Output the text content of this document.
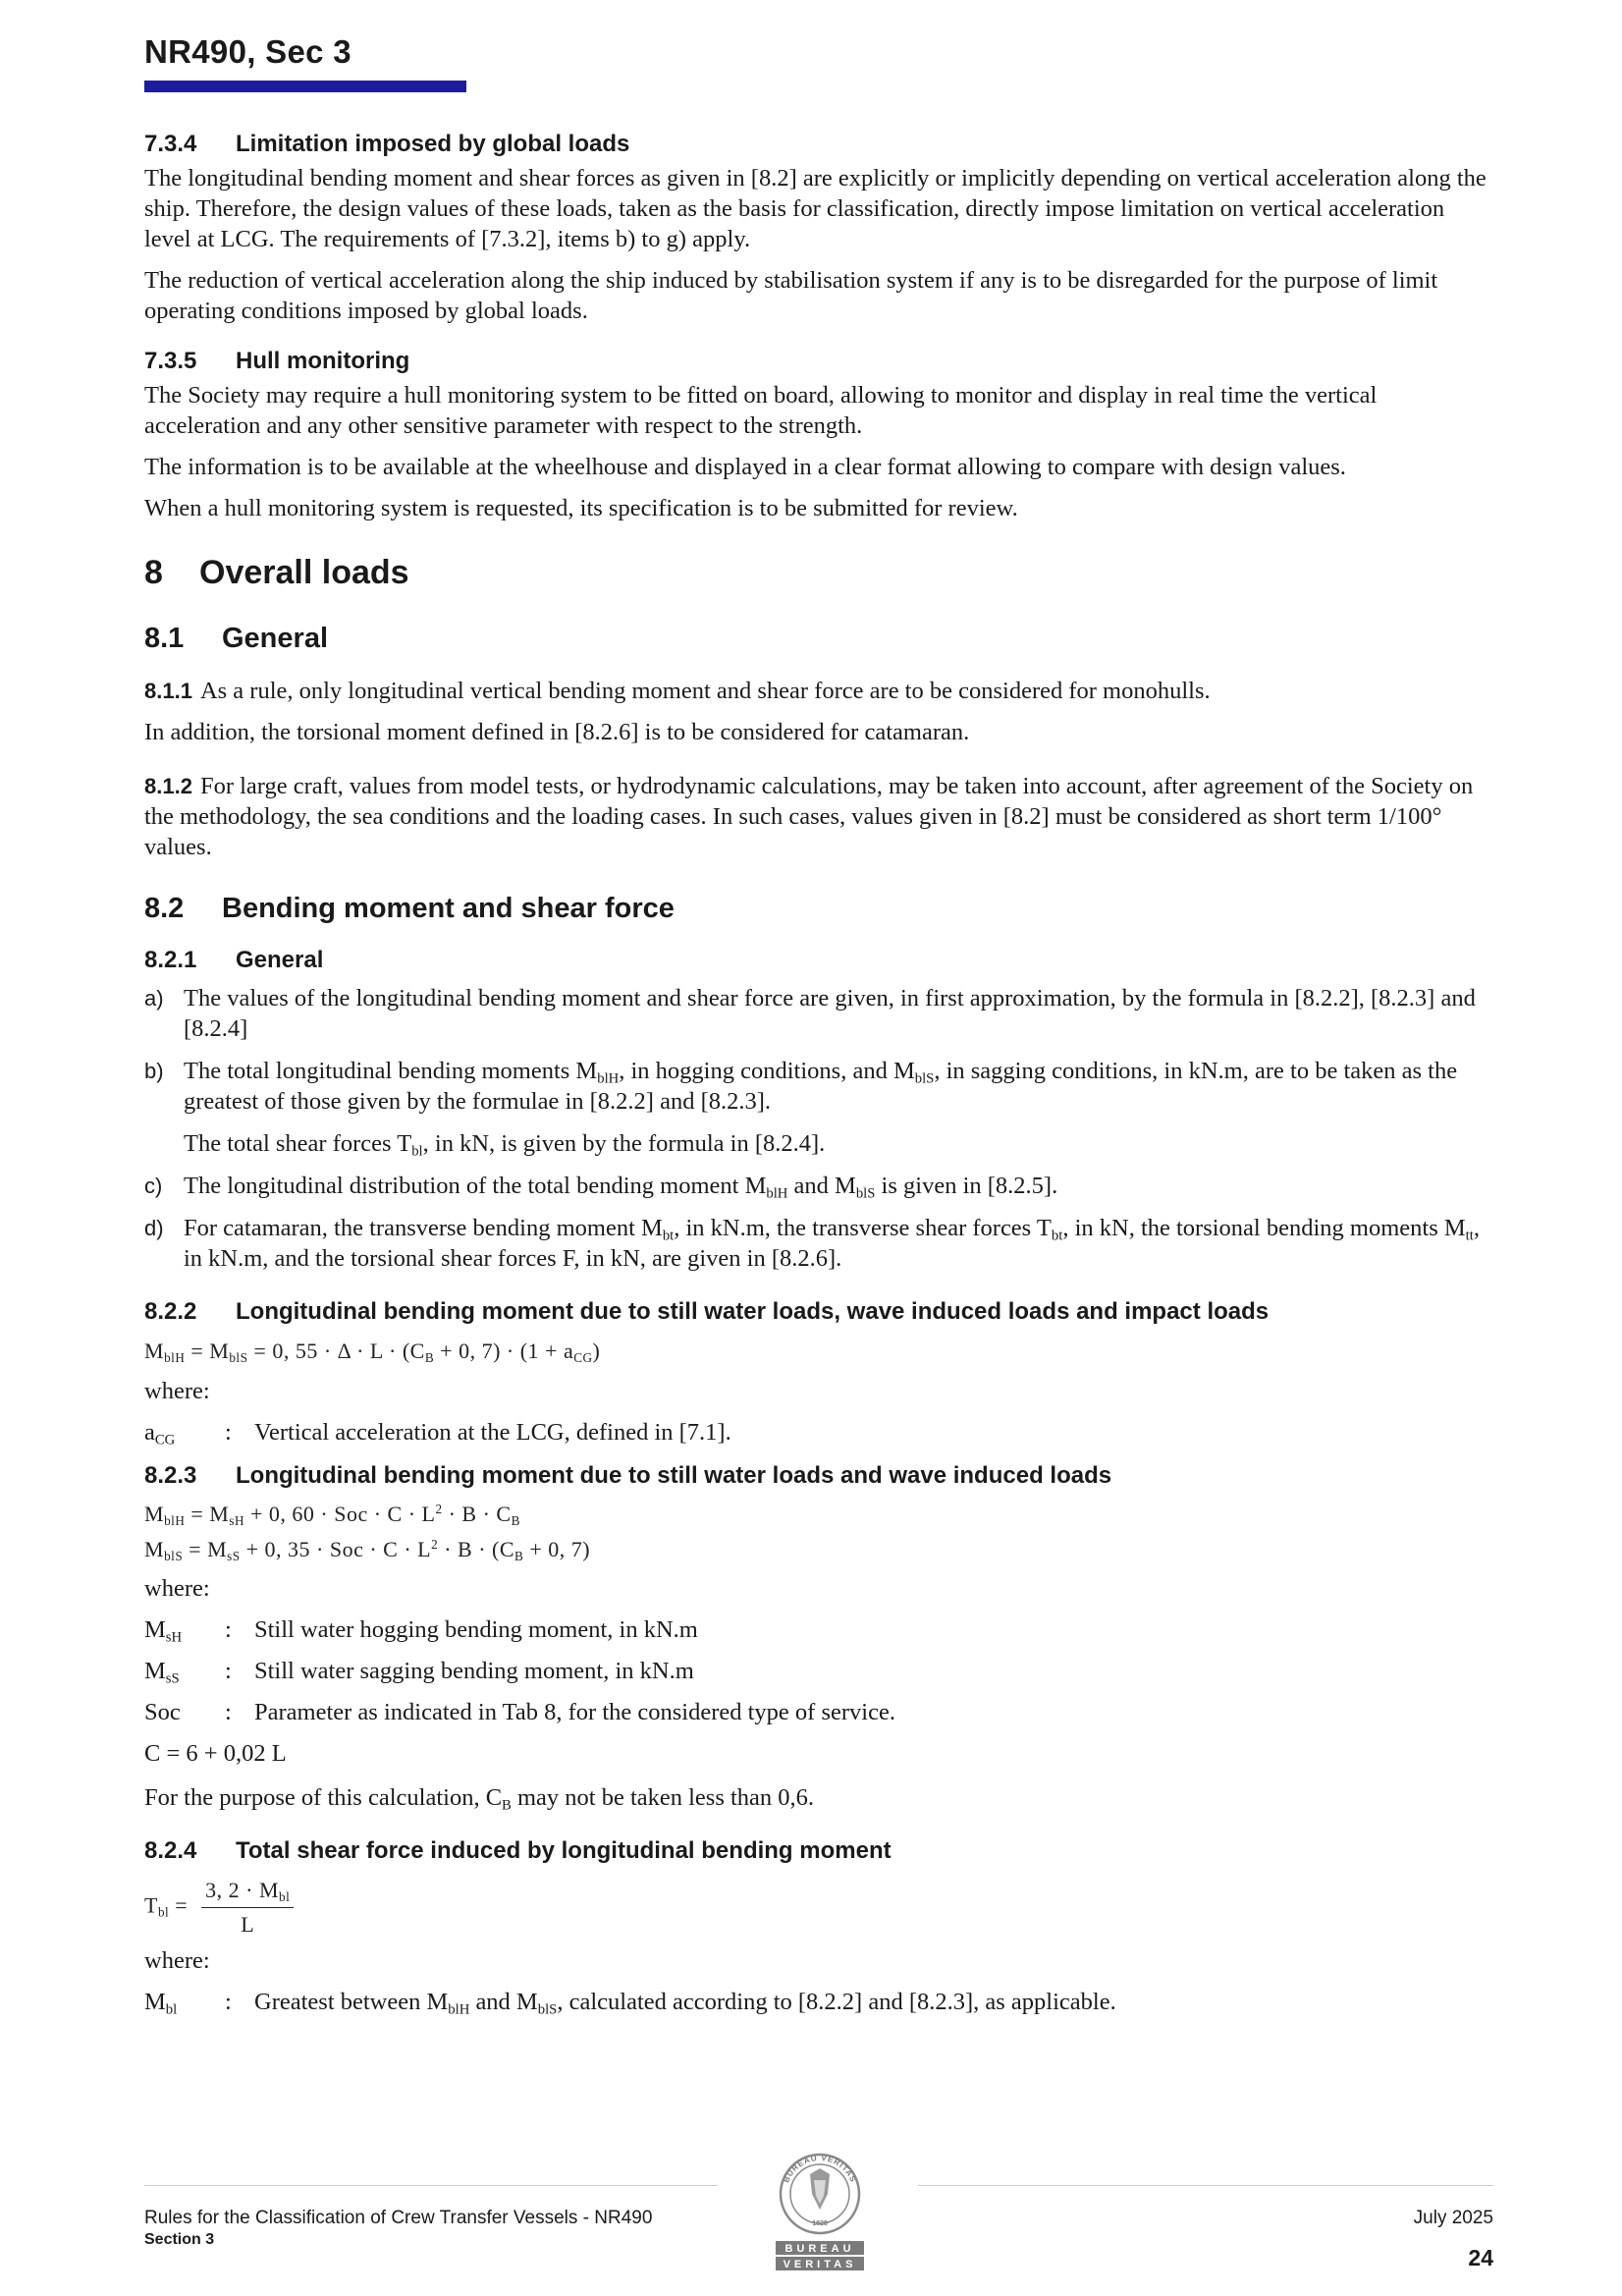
NR490, Sec 3
7.3.4 Limitation imposed by global loads

The longitudinal bending moment and shear forces as given in [8.2] are explicitly or implicitly depending on vertical acceleration along the ship. Therefore, the design values of these loads, taken as the basis for classification, directly impose limitation on vertical acceleration level at LCG. The requirements of [7.3.2], items b) to g) apply.

The reduction of vertical acceleration along the ship induced by stabilisation system if any is to be disregarded for the purpose of limit operating conditions imposed by global loads.

7.3.5 Hull monitoring

The Society may require a hull monitoring system to be fitted on board, allowing to monitor and display in real time the vertical acceleration and any other sensitive parameter with respect to the strength.

The information is to be available at the wheelhouse and displayed in a clear format allowing to compare with design values.

When a hull monitoring system is requested, its specification is to be submitted for review.

8 Overall loads
8.1 General

8.1.1 As a rule, only longitudinal vertical bending moment and shear force are to be considered for monohulls.

In addition, the torsional moment defined in [8.2.6] is to be considered for catamaran.

8.1.2 For large craft, values from model tests, or hydrodynamic calculations, may be taken into account, after agreement of the Society on the methodology, the sea conditions and the loading cases. In such cases, values given in [8.2] must be considered as short term 1/100° values.

8.2 Bending moment and shear force
8.2.1 General
a) The values of the longitudinal bending moment and shear force are given, in first approximation, by the formula in [8.2.2], [8.2.3] and [8.2.4]
b) The total longitudinal bending moments $M_{blH}$, in hogging conditions, and $M_{blS}$, in sagging conditions, in kN.m, are to be taken as the greatest of those given by the formulae in [8.2.2] and [8.2.3].
The total shear forces $T_{bl}$, in kN, is given by the formula in [8.2.4].
c) The longitudinal distribution of the total bending moment $M_{blH}$ and $M_{blS}$ is given in [8.2.5].
d) For catamaran, the transverse bending moment $M_{bt}$, in kN.m, the transverse shear forces $T_{bt}$, in kN, the torsional bending moments $M_{tt}$, in kN.m, and the torsional shear forces F, in kN, are given in [8.2.6].
8.2.2 Longitudinal bending moment due to still water loads, wave induced loads and impact loads

$M_{blH} = M_{blS} = 0$, $55 \cdot \Delta \cdot L \cdot (C_B + 0$, $7) \cdot (1 + a_{CG})$

where:

$a_{CG}$	: Vertical acceleration at the LCG, defined in [7.1].
8.2.3 Longitudinal bending moment due to still water loads and wave induced loads

$M_{blH} = M_{sH} + 0$, 60 · Soc · $C \cdot L^2 \cdot B \cdot C_B$

$M_{blS} = M_{sS} + 0$, 35 · Soc · $C \cdot L^2 \cdot B \cdot (C_B + 0$, 7)

where:

$M_{sH}$	: Still water hogging bending moment, in kN.m
$M_{sS}$	: Still water sagging bending moment, in kN.m
Soc	: Parameter as indicated in Tab 8, for the considered type of service.

C = 6 + 0,02 L

For the purpose of this calculation, $C_B$ may not be taken less than 0,6.

8.2.4 Total shear force induced by longitudinal bending moment
$T_{bl} = \frac{3, 2 \cdot M_{bl}}{L}$

where:

$M_{bl}$	: Greatest between $M_{blH}$ and $M_{blS}$, calculated according to [8.2.2] and [8.2.3], as applicable.
Rules for the Classification of Crew Transfer Vessels - NR490
Section 3
July 2025
24
BUREAU VERITAS
1828
BUREAU
VERITAS
